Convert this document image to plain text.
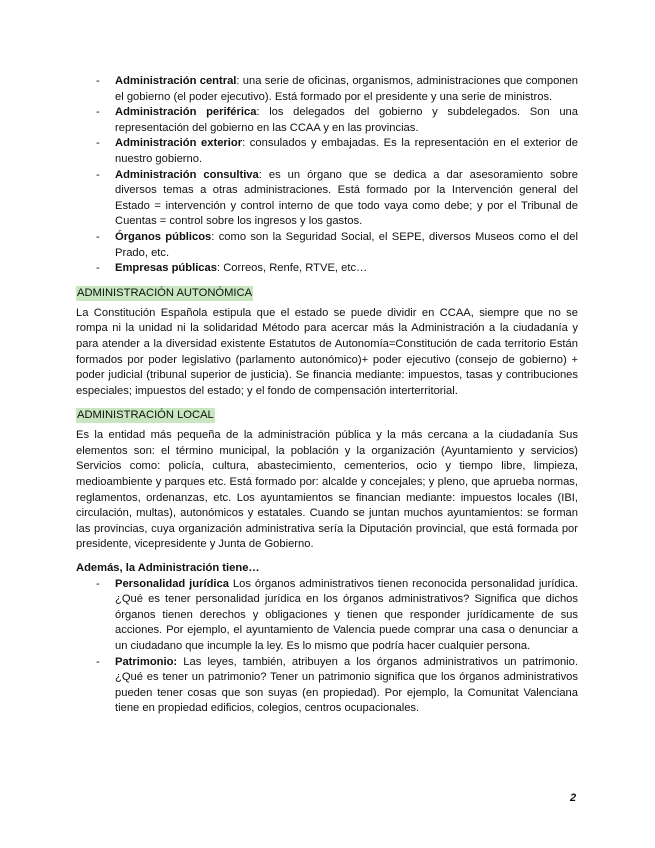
- Administración central: una serie de oficinas, organismos, administraciones que componen el gobierno (el poder ejecutivo). Está formado por el presidente y una serie de ministros.
- Administración periférica: los delegados del gobierno y subdelegados. Son una representación del gobierno en las CCAA y en las provincias.
- Administración exterior: consulados y embajadas. Es la representación en el exterior de nuestro gobierno.
- Administración consultiva: es un órgano que se dedica a dar asesoramiento sobre diversos temas a otras administraciones. Está formado por la Intervención general del Estado = intervención y control interno de que todo vaya como debe; y por el Tribunal de Cuentas = control sobre los ingresos y los gastos.
- Órganos públicos: como son la Seguridad Social, el SEPE, diversos Museos como el del Prado, etc.
- Empresas públicas: Correos, Renfe, RTVE, etc…
ADMINISTRACIÓN AUTONÓMICA

La Constitución Española estipula que el estado se puede dividir en CCAA, siempre que no se rompa ni la unidad ni la solidaridad Método para acercar más la Administración a la ciudadanía y para atender a la diversidad existente Estatutos de Autonomía=Constitución de cada territorio Están formados por poder legislativo (parlamento autonómico)+ poder ejecutivo (consejo de gobierno) + poder judicial (tribunal superior de justicia). Se financia mediante: impuestos, tasas y contribuciones especiales; impuestos del estado; y el fondo de compensación interterritorial.

ADMINISTRACIÓN LOCAL

Es la entidad más pequeña de la administración pública y la más cercana a la ciudadanía Sus elementos son: el término municipal, la población y la organización (Ayuntamiento y servicios) Servicios como: policía, cultura, abastecimiento, cementerios, ocio y tiempo libre, limpieza, medioambiente y parques etc. Está formado por: alcalde y concejales; y pleno, que aprueba normas, reglamentos, ordenanzas, etc. Los ayuntamientos se financian mediante: impuestos locales (IBI, circulación, multas), autonómicos y estatales. Cuando se juntan muchos ayuntamientos: se forman las provincias, cuya organización administrativa sería la Diputación provincial, que está formada por presidente, vicepresidente y Junta de Gobierno.

Además, la Administración tiene…
- Personalidad jurídica Los órganos administrativos tienen reconocida personalidad jurídica. ¿Qué es tener personalidad jurídica en los órganos administrativos? Significa que dichos órganos tienen derechos y obligaciones y tienen que responder jurídicamente de sus acciones. Por ejemplo, el ayuntamiento de Valencia puede comprar una casa o denunciar a un ciudadano que incumple la ley. Es lo mismo que podría hacer cualquier persona.
- Patrimonio: Las leyes, también, atribuyen a los órganos administrativos un patrimonio. ¿Qué es tener un patrimonio? Tener un patrimonio significa que los órganos administrativos pueden tener cosas que son suyas (en propiedad). Por ejemplo, la Comunitat Valenciana tiene en propiedad edificios, colegios, centros ocupacionales.
2
